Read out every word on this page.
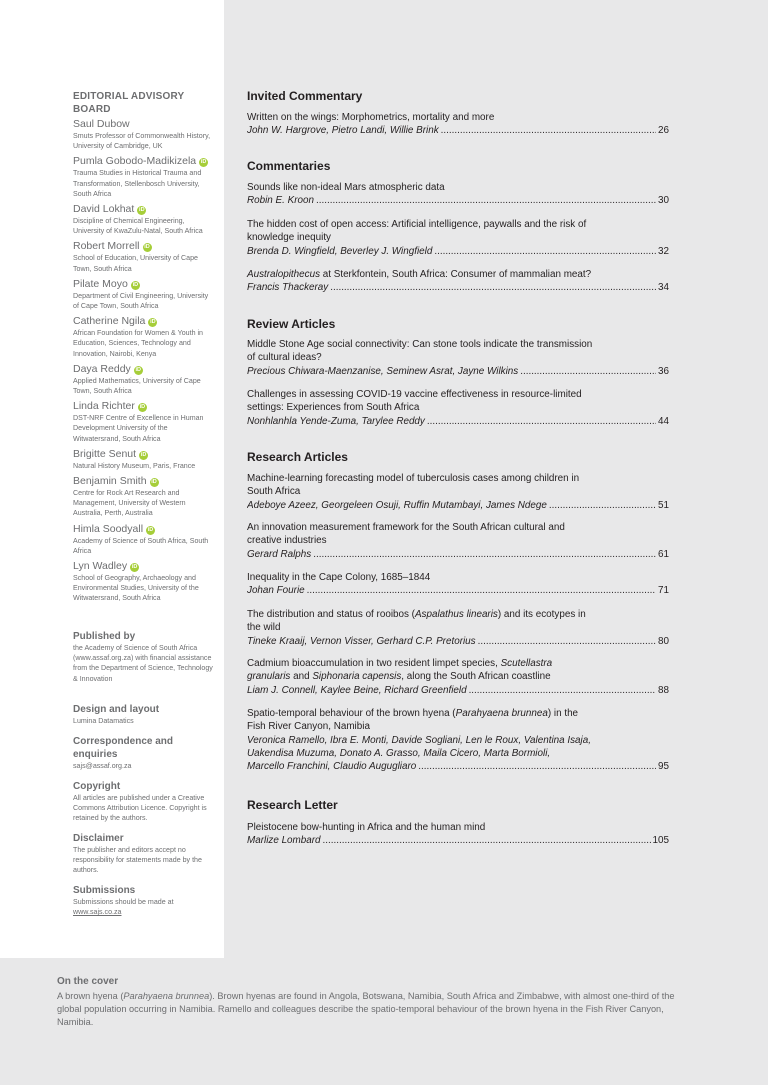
EDITORIAL ADVISORY BOARD
Saul Dubow
Smuts Professor of Commonwealth History, University of Cambridge, UK
Pumla Gobodo-Madikizela iD
Trauma Studies in Historical Trauma and Transformation, Stellenbosch University, South Africa
David Lokhat iD
Discipline of Chemical Engineering, University of KwaZulu-Natal, South Africa
Robert Morrell iD
School of Education, University of Cape Town, South Africa
Pilate Moyo iD
Department of Civil Engineering, University of Cape Town, South Africa
Catherine Ngila iD
African Foundation for Women & Youth in Education, Sciences, Technology and Innovation, Nairobi, Kenya
Daya Reddy iD
Applied Mathematics, University of Cape Town, South Africa
Linda Richter iD
DST-NRF Centre of Excellence in Human Development University of the Witwatersrand, South Africa
Brigitte Senut iD
Natural History Museum, Paris, France
Benjamin Smith iD
Centre for Rock Art Research and Management, University of Western Australia, Perth, Australia
Himla Soodyall iD
Academy of Science of South Africa, South Africa
Lyn Wadley iD
School of Geography, Archaeology and Environmental Studies, University of the Witwatersrand, South Africa
Published by
the Academy of Science of South Africa (www.assaf.org.za) with financial assistance from the Department of Science, Technology & Innovation
Design and layout
Lumina Datamatics
Correspondence and enquiries
sajs@assaf.org.za
Copyright
All articles are published under a Creative Commons Attribution Licence. Copyright is retained by the authors.
Disclaimer
The publisher and editors accept no responsibility for statements made by the authors.
Submissions
Submissions should be made at
www.sajs.co.za
Invited Commentary
Written on the wings: Morphometrics, mortality and more
John W. Hargrove, Pietro Landi, Willie Brink .....	26
Commentaries
Sounds like non-ideal Mars atmospheric data
Robin E. Kroon .....	30
The hidden cost of open access: Artificial intelligence, paywalls and the risk of knowledge inequity
Brenda D. Wingfield, Beverley J. Wingfield .....	32
Australopithecus at Sterkfontein, South Africa: Consumer of mammalian meat?
Francis Thackeray .....	34
Review Articles
Middle Stone Age social connectivity: Can stone tools indicate the transmission of cultural ideas?
Precious Chiwara-Maenzanise, Seminew Asrat, Jayne Wilkins .....	36
Challenges in assessing COVID-19 vaccine effectiveness in resource-limited settings: Experiences from South Africa
Nonhlanhla Yende-Zuma, Tarylee Reddy .....	44
Research Articles
Machine-learning forecasting model of tuberculosis cases among children in South Africa
Adeboye Azeez, Georgeleen Osuji, Ruffin Mutambayi, James Ndege .....	51
An innovation measurement framework for the South African cultural and creative industries
Gerard Ralphs .....	61
Inequality in the Cape Colony, 1685–1844
Johan Fourie .....	71
The distribution and status of rooibos (Aspalathus linearis) and its ecotypes in the wild
Tineke Kraaij, Vernon Visser, Gerhard C.P. Pretorius .....	80
Cadmium bioaccumulation in two resident limpet species, Scutellastra granularis and Siphonaria capensis, along the South African coastline
Liam J. Connell, Kaylee Beine, Richard Greenfield .....	88
Spatio-temporal behaviour of the brown hyena (Parahyaena brunnea) in the Fish River Canyon, Namibia
Veronica Ramello, Ibra E. Monti, Davide Sogliani, Len le Roux, Valentina Isaja,
Uakendisa Muzuma, Donato A. Grasso, Maila Cicero, Marta Bormioli,
Marcello Franchini, Claudio Augugliaro .....	95
Research Letter
Pleistocene bow-hunting in Africa and the human mind
Marlize Lombard .....	105
On the cover
A brown hyena (Parahyaena brunnea). Brown hyenas are found in Angola, Botswana, Namibia, South Africa and Zimbabwe, with almost one-third of the global population occurring in Namibia. Ramello and colleagues describe the spatio-temporal behaviour of the brown hyena in the Fish River Canyon, Namibia.
